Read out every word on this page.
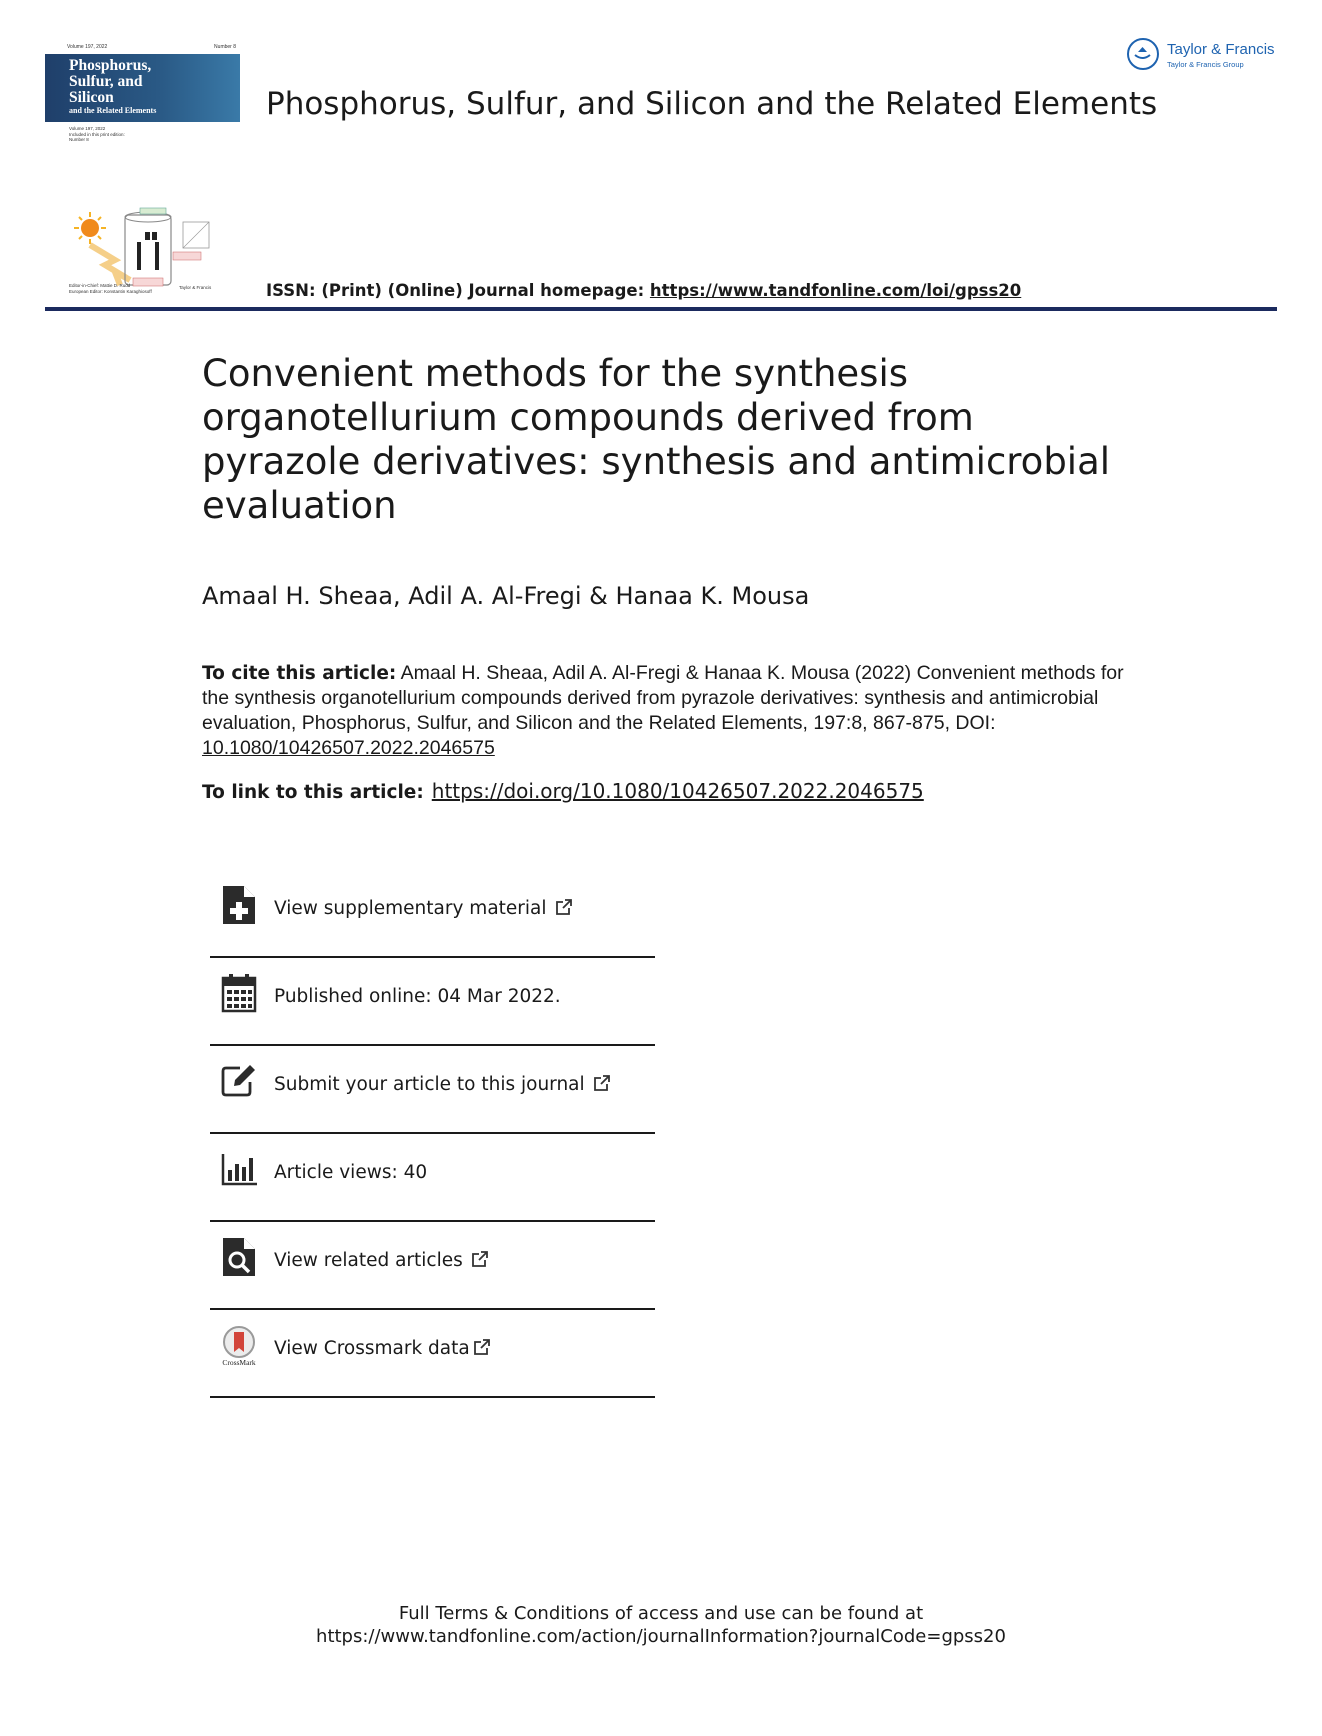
Volume 197, 2022	Number 8
Phosphorus,
Sulfur, and
Silicon
and the Related Elements
Volume 197, 2022
Included in this print edition:
Number 8
Editor-in-Chief: Mattie D. Rudd
European Editor: Konstantin Karaghiosoff
Taylor & Francis
Taylor & Francis
Taylor & Francis Group
Phosphorus, Sulfur, and Silicon and the Related Elements
ISSN: (Print) (Online) Journal homepage: https://www.tandfonline.com/loi/gpss20
Convenient methods for the synthesis organotellurium compounds derived from pyrazole derivatives: synthesis and antimicrobial evaluation
Amaal H. Sheaa, Adil A. Al-Fregi & Hanaa K. Mousa
To cite this article: Amaal H. Sheaa, Adil A. Al-Fregi & Hanaa K. Mousa (2022) Convenient methods for the synthesis organotellurium compounds derived from pyrazole derivatives: synthesis and antimicrobial evaluation, Phosphorus, Sulfur, and Silicon and the Related Elements, 197:8, 867-875, DOI: 10.1080/10426507.2022.2046575
To link to this article: https://doi.org/10.1080/10426507.2022.2046575
View supplementary material
Published online: 04 Mar 2022.
Submit your article to this journal
Article views: 40
View related articles
CrossMark
View Crossmark data
Full Terms & Conditions of access and use can be found at
https://www.tandfonline.com/action/journalInformation?journalCode=gpss20
